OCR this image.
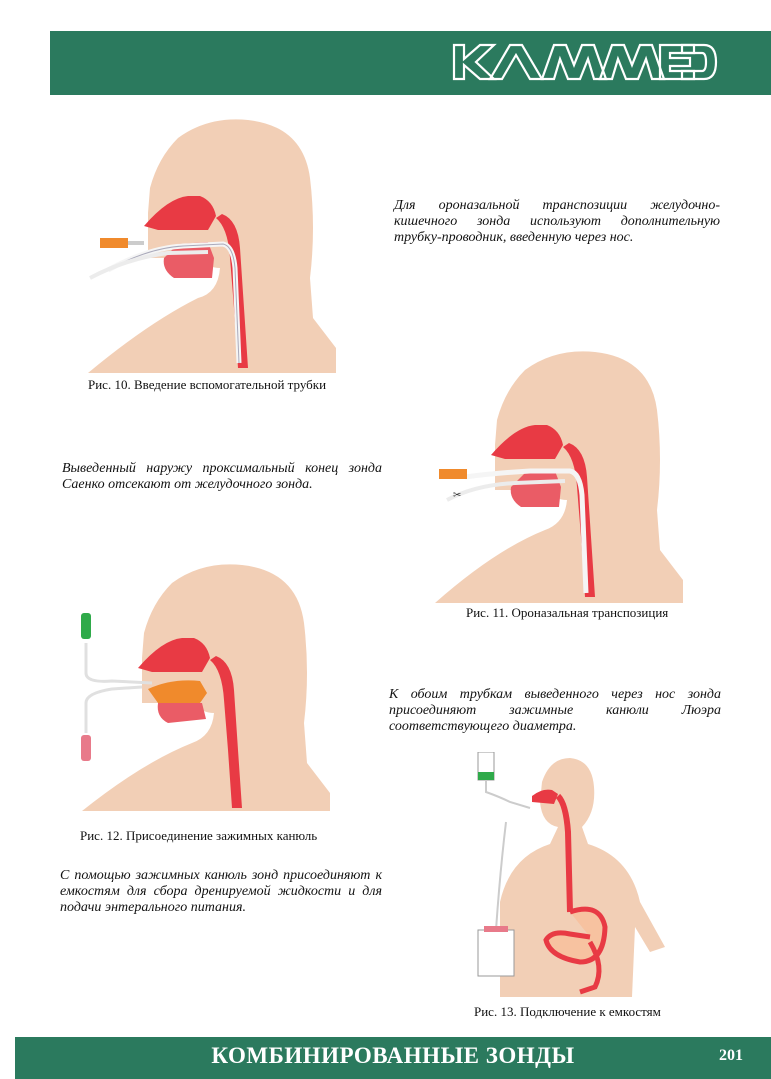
Рис. 10. Введение вспомогательной трубки

Для ороназальной транспозиции желудочно-кишечного зонда используют дополнительную трубку-проводник, введенную через нос.

✂
Рис. 11. Ороназальная транспозиция

Выведенный наружу проксимальный конец зонда Саенко отсекают от желудочного зонда.

Рис. 12. Присоединение зажимных канюль

К обоим трубкам выведенного через нос зонда присоединяют зажимные канюли Люэра соответствующего диаметра.

С помощью зажимных канюль зонд присоединяют к емкостям для сбора дренируемой жидкости и для подачи энтерального питания.

Рис. 13. Подключение к емкостям
КОМБИНИРОВАННЫЕ ЗОНДЫ	201
